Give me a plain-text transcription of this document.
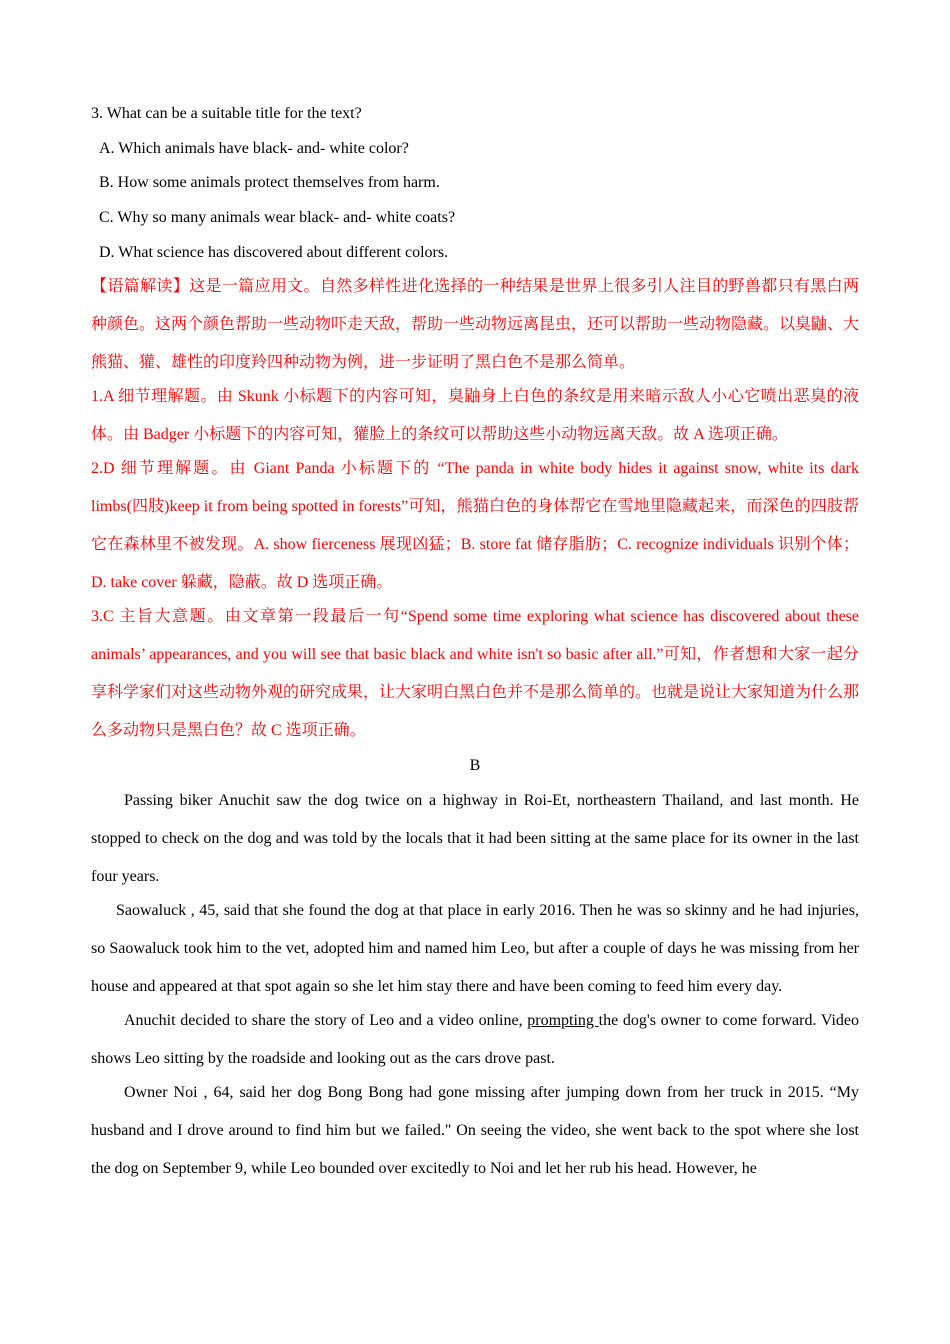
3. What can be a suitable title for the text?
A. Which animals have black- and- white color?
B. How some animals protect themselves from harm.
C. Why so many animals wear black- and- white coats?
D. What science has discovered about different colors.

【语篇解读】这是一篇应用文。自然多样性进化选择的一种结果是世界上很多引人注目的野兽都只有黑白两种颜色。这两个颜色帮助一些动物吓走天敌，帮助一些动物远离昆虫，还可以帮助一些动物隐藏。以臭鼬、大熊猫、獾、雄性的印度羚四种动物为例，进一步证明了黑白色不是那么简单。

1.A 细节理解题。由 Skunk 小标题下的内容可知，臭鼬身上白色的条纹是用来暗示敌人小心它喷出恶臭的液体。由 Badger 小标题下的内容可知，獾脸上的条纹可以帮助这些小动物远离天敌。故 A 选项正确。

2.D 细节理解题。由 Giant Panda 小标题下的 “The panda in white body hides it against snow, white its dark limbs(四肢)keep it from being spotted in forests”可知，熊猫白色的身体帮它在雪地里隐藏起来，而深色的四肢帮它在森林里不被发现。A. show fierceness 展现凶猛；B. store fat 储存脂肪；C. recognize individuals 识别个体；D. take cover 躲藏，隐蔽。故 D 选项正确。

3.C 主旨大意题。由文章第一段最后一句“Spend some time exploring what science has discovered about these animals’ appearances, and you will see that basic black and white isn't so basic after all.”可知，作者想和大家一起分享科学家们对这些动物外观的研究成果，让大家明白黑白色并不是那么简单的。也就是说让大家知道为什么那么多动物只是黑白色？故 C 选项正确。

B

Passing biker Anuchit saw the dog twice on a highway in Roi-Et, northeastern Thailand, and last month. He stopped to check on the dog and was told by the locals that it had been sitting at the same place for its owner in the last four years.

Saowaluck , 45, said that she found the dog at that place in early 2016. Then he was so skinny and he had injuries, so Saowaluck took him to the vet, adopted him and named him Leo, but after a couple of days he was missing from her house and appeared at that spot again so she let him stay there and have been coming to feed him every day.

Anuchit decided to share the story of Leo and a video online, prompting the dog's owner to come forward. Video shows Leo sitting by the roadside and looking out as the cars drove past.

Owner Noi , 64, said her dog Bong Bong had gone missing after jumping down from her truck in 2015. “My husband and I drove around to find him but we failed." On seeing the video, she went back to the spot where she lost the dog on September 9, while Leo bounded over excitedly to Noi and let her rub his head. However, he
